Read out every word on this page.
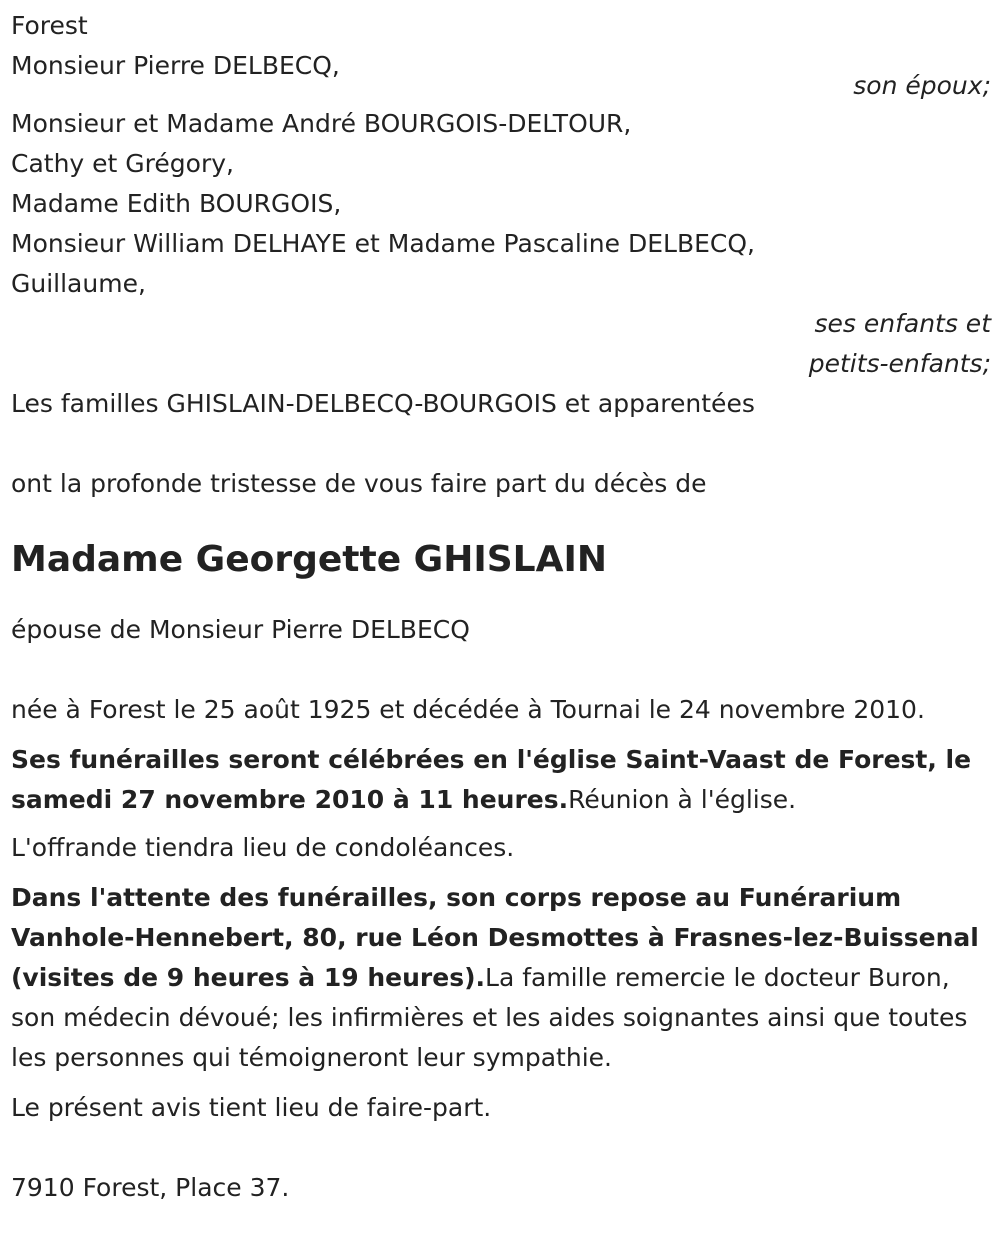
Forest
Monsieur Pierre DELBECQ,
son époux;
Monsieur et Madame André BOURGOIS-DELTOUR,
Cathy et Grégory,
Madame Edith BOURGOIS,
Monsieur William DELHAYE et Madame Pascaline DELBECQ,
Guillaume,
ses enfants et
petits-enfants;
Les familles GHISLAIN-DELBECQ-BOURGOIS et apparentées
ont la profonde tristesse de vous faire part du décès de
Madame Georgette GHISLAIN
épouse de Monsieur Pierre DELBECQ
née à Forest le 25 août 1925 et décédée à Tournai le 24 novembre 2010.

Ses funérailles seront célébrées en l'église Saint-Vaast de Forest, le samedi 27 novembre 2010 à 11 heures.Réunion à l'église.

L'offrande tiendra lieu de condoléances.

Dans l'attente des funérailles, son corps repose au Funérarium Vanhole-Hennebert, 80, rue Léon Desmottes à Frasnes-lez-Buissenal (visites de 9 heures à 19 heures).La famille remercie le docteur Buron, son médecin dévoué; les infirmières et les aides soignantes ainsi que toutes les personnes qui témoigneront leur sympathie.

Le présent avis tient lieu de faire-part.
7910 Forest, Place 37.
